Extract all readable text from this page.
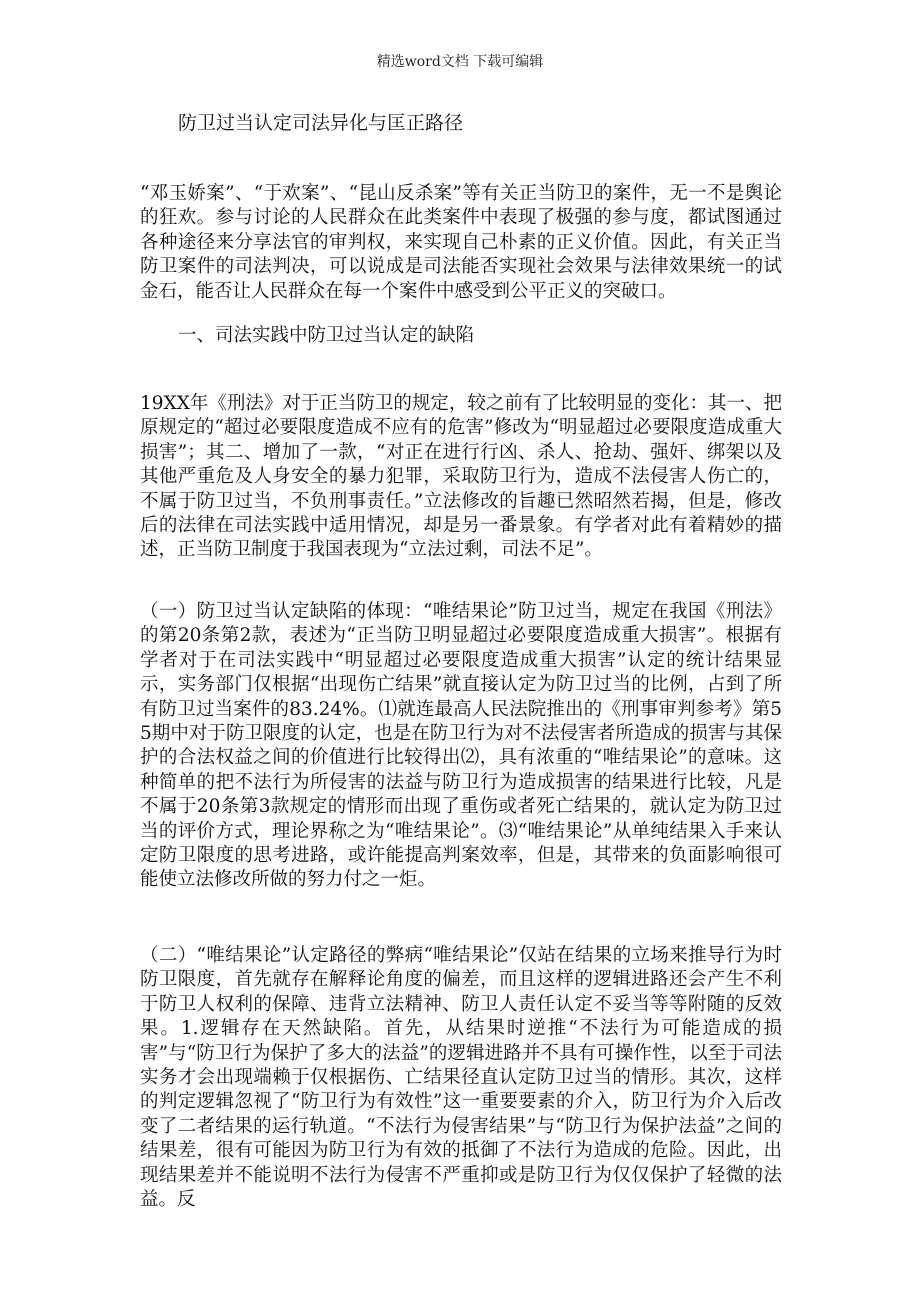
精选word文档 下载可编辑
防卫过当认定司法异化与匡正路径

“邓玉娇案”、“于欢案”、“昆山反杀案”等有关正当防卫的案件，无一不是舆论的狂欢。参与讨论的人民群众在此类案件中表现了极强的参与度，都试图通过各种途径来分享法官的审判权，来实现自己朴素的正义价值。因此，有关正当防卫案件的司法判决，可以说成是司法能否实现社会效果与法律效果统一的试金石，能否让人民群众在每一个案件中感受到公平正义的突破口。

一、司法实践中防卫过当认定的缺陷

19XX年《刑法》对于正当防卫的规定，较之前有了比较明显的变化：其一、把原规定的“超过必要限度造成不应有的危害”修改为“明显超过必要限度造成重大损害”；其二、增加了一款，“对正在进行行凶、杀人、抢劫、强奸、绑架以及其他严重危及人身安全的暴力犯罪，采取防卫行为，造成不法侵害人伤亡的，不属于防卫过当，不负刑事责任。”立法修改的旨趣已然昭然若揭，但是，修改后的法律在司法实践中适用情况，却是另一番景象。有学者对此有着精妙的描述，正当防卫制度于我国表现为“立法过剩，司法不足”。

（一）防卫过当认定缺陷的体现：“唯结果论”防卫过当，规定在我国《刑法》的第20条第2款，表述为“正当防卫明显超过必要限度造成重大损害”。根据有学者对于在司法实践中“明显超过必要限度造成重大损害”认定的统计结果显示，实务部门仅根据“出现伤亡结果”就直接认定为防卫过当的比例，占到了所有防卫过当案件的83.24%。⑴就连最高人民法院推出的《刑事审判参考》第55期中对于防卫限度的认定，也是在防卫行为对不法侵害者所造成的损害与其保护的合法权益之间的价值进行比较得出⑵，具有浓重的“唯结果论”的意味。这种简单的把不法行为所侵害的法益与防卫行为造成损害的结果进行比较，凡是不属于20条第3款规定的情形而出现了重伤或者死亡结果的，就认定为防卫过当的评价方式，理论界称之为“唯结果论”。⑶“唯结果论”从单纯结果入手来认定防卫限度的思考进路，或许能提高判案效率，但是，其带来的负面影响很可能使立法修改所做的努力付之一炬。

（二）“唯结果论”认定路径的弊病“唯结果论”仅站在结果的立场来推导行为时防卫限度，首先就存在解释论角度的偏差，而且这样的逻辑进路还会产生不利于防卫人权利的保障、违背立法精神、防卫人责任认定不妥当等等附随的反效果。1.逻辑存在天然缺陷。首先，从结果时逆推“不法行为可能造成的损害”与“防卫行为保护了多大的法益”的逻辑进路并不具有可操作性，以至于司法实务才会出现端赖于仅根据伤、亡结果径直认定防卫过当的情形。其次，这样的判定逻辑忽视了“防卫行为有效性”这一重要要素的介入，防卫行为介入后改变了二者结果的运行轨道。“不法行为侵害结果”与“防卫行为保护法益”之间的结果差，很有可能因为防卫行为有效的抵御了不法行为造成的危险。因此，出现结果差并不能说明不法行为侵害不严重抑或是防卫行为仅仅保护了轻微的法益。反
